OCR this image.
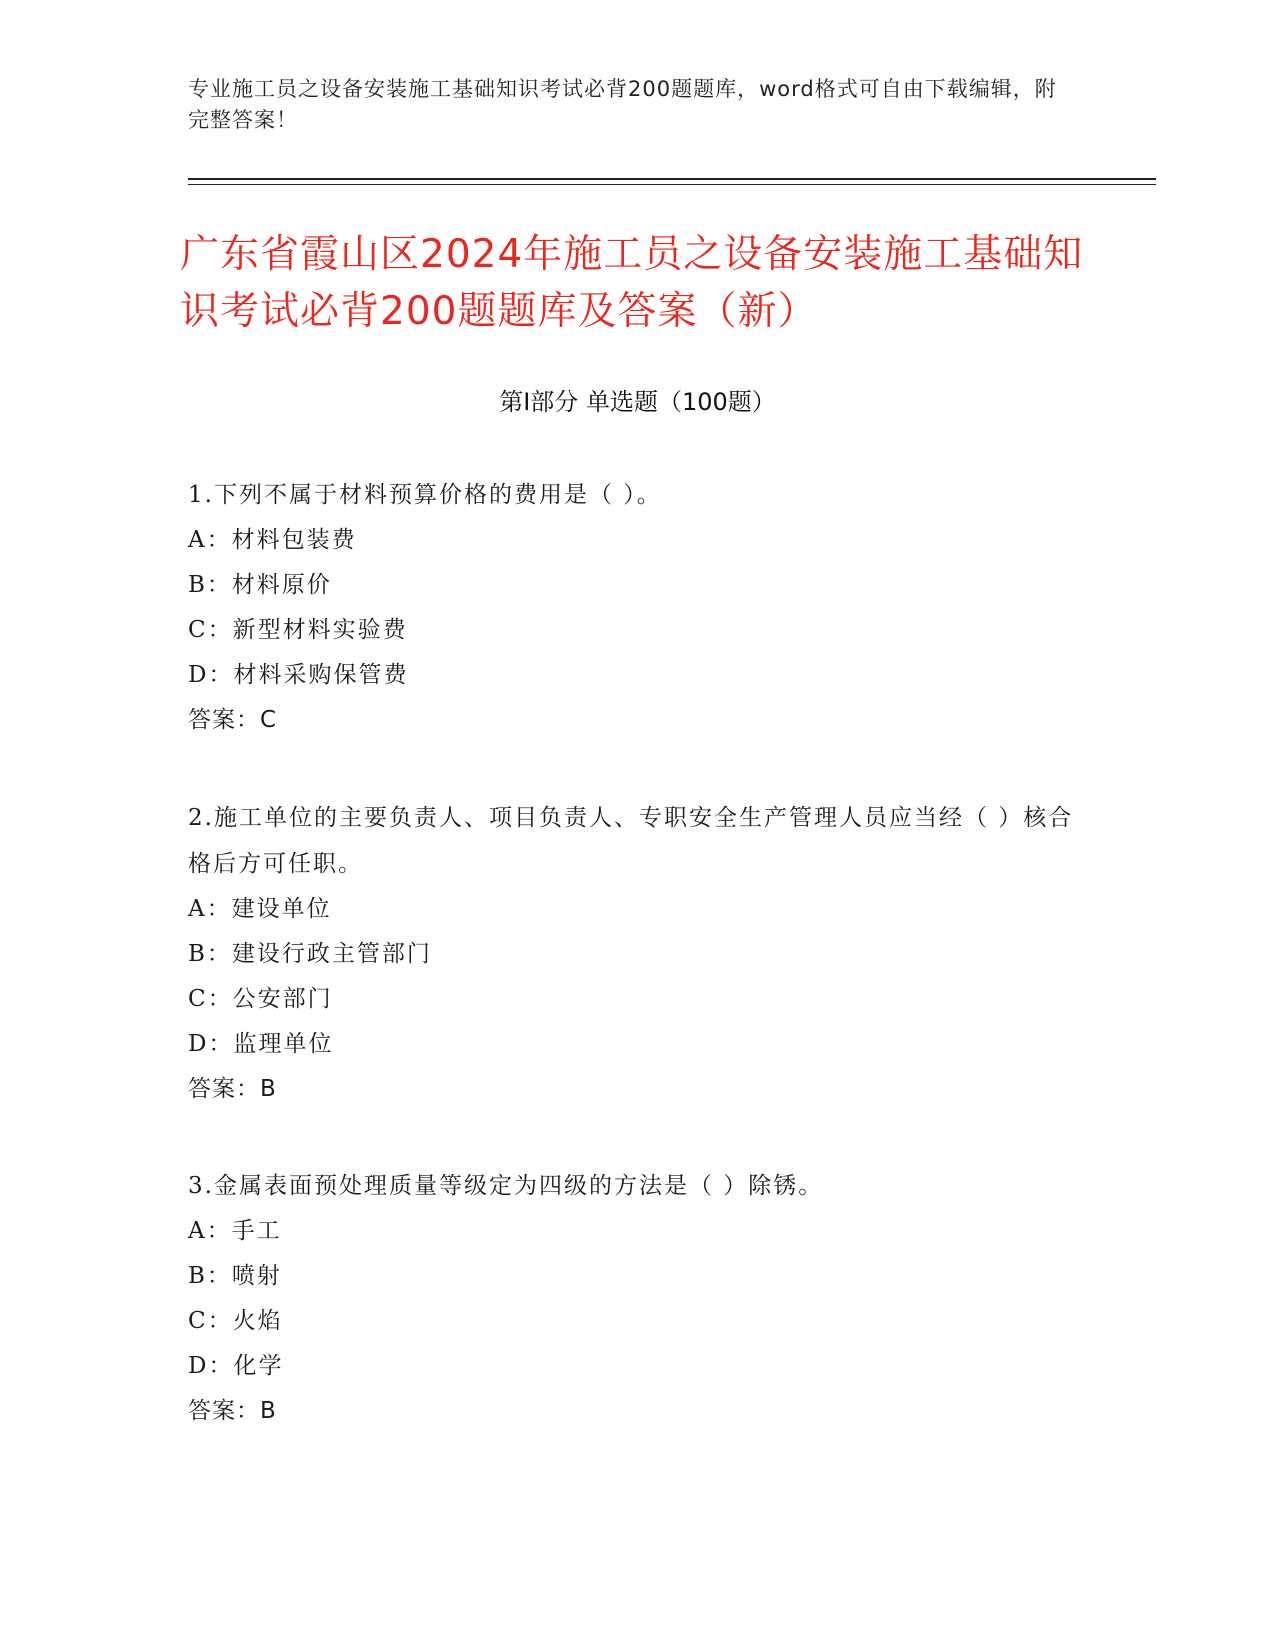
专业施工员之设备安装施工基础知识考试必背200题题库，word格式可自由下载编辑，附完整答案！
广东省霞山区2024年施工员之设备安装施工基础知识考试必背200题题库及答案（新）
第Ⅰ部分 单选题（100题）
1.下列不属于材料预算价格的费用是（ ）。
A：材料包装费
B：材料原价
C：新型材料实验费
D：材料采购保管费
答案：C
2.施工单位的主要负责人、项目负责人、专职安全生产管理人员应当经（ ）核合格后方可任职。
A：建设单位
B：建设行政主管部门
C：公安部门
D：监理单位
答案：B
3.金属表面预处理质量等级定为四级的方法是（ ）除锈。
A：手工
B：喷射
C：火焰
D：化学
答案：B
